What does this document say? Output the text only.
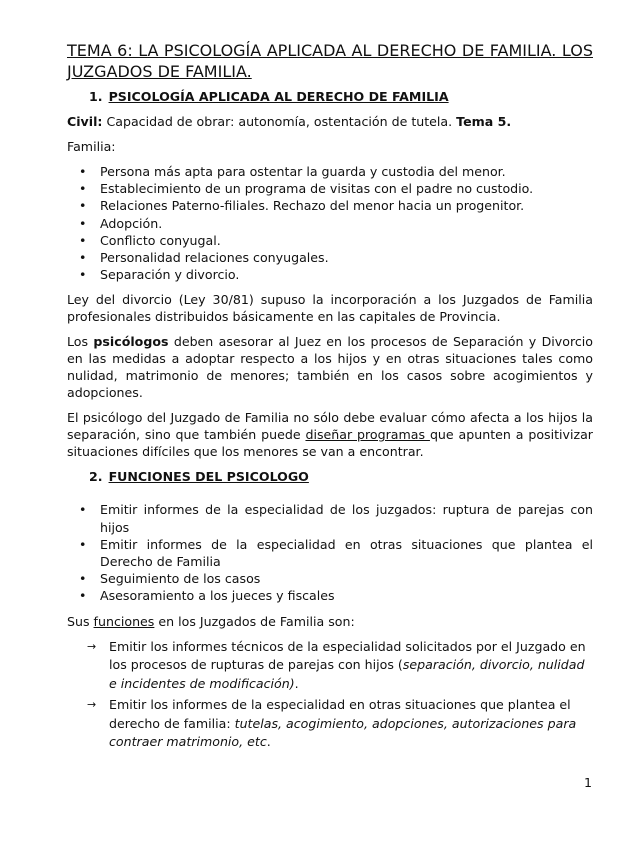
TEMA 6: LA PSICOLOGÍA APLICADA AL DERECHO DE FAMILIA. LOS JUZGADOS DE FAMILIA.
1. PSICOLOGÍA APLICADA AL DERECHO DE FAMILIA

Civil: Capacidad de obrar: autonomía, ostentación de tutela. Tema 5.

Familia:

• Persona más apta para ostentar la guarda y custodia del menor.
• Establecimiento de un programa de visitas con el padre no custodio.
• Relaciones Paterno-filiales. Rechazo del menor hacia un progenitor.
• Adopción.
• Conflicto conyugal.
• Personalidad relaciones conyugales.
• Separación y divorcio.

Ley del divorcio (Ley 30/81) supuso la incorporación a los Juzgados de Familia profesionales distribuidos básicamente en las capitales de Provincia.

Los psicólogos deben asesorar al Juez en los procesos de Separación y Divorcio en las medidas a adoptar respecto a los hijos y en otras situaciones tales como nulidad, matrimonio de menores; también en los casos sobre acogimientos y adopciones.

El psicólogo del Juzgado de Familia no sólo debe evaluar cómo afecta a los hijos la separación, sino que también puede diseñar programas que apunten a positivizar situaciones difíciles que los menores se van a encontrar.

2. FUNCIONES DEL PSICOLOGO
• Emitir informes de la especialidad de los juzgados: ruptura de parejas con hijos
• Emitir informes de la especialidad en otras situaciones que plantea el Derecho de Familia
• Seguimiento de los casos
• Asesoramiento a los jueces y fiscales

Sus funciones en los Juzgados de Familia son:

→ Emitir los informes técnicos de la especialidad solicitados por el Juzgado en los procesos de rupturas de parejas con hijos (separación, divorcio, nulidad e incidentes de modificación).
→ Emitir los informes de la especialidad en otras situaciones que plantea el derecho de familia: tutelas, acogimiento, adopciones, autorizaciones para contraer matrimonio, etc.
1
